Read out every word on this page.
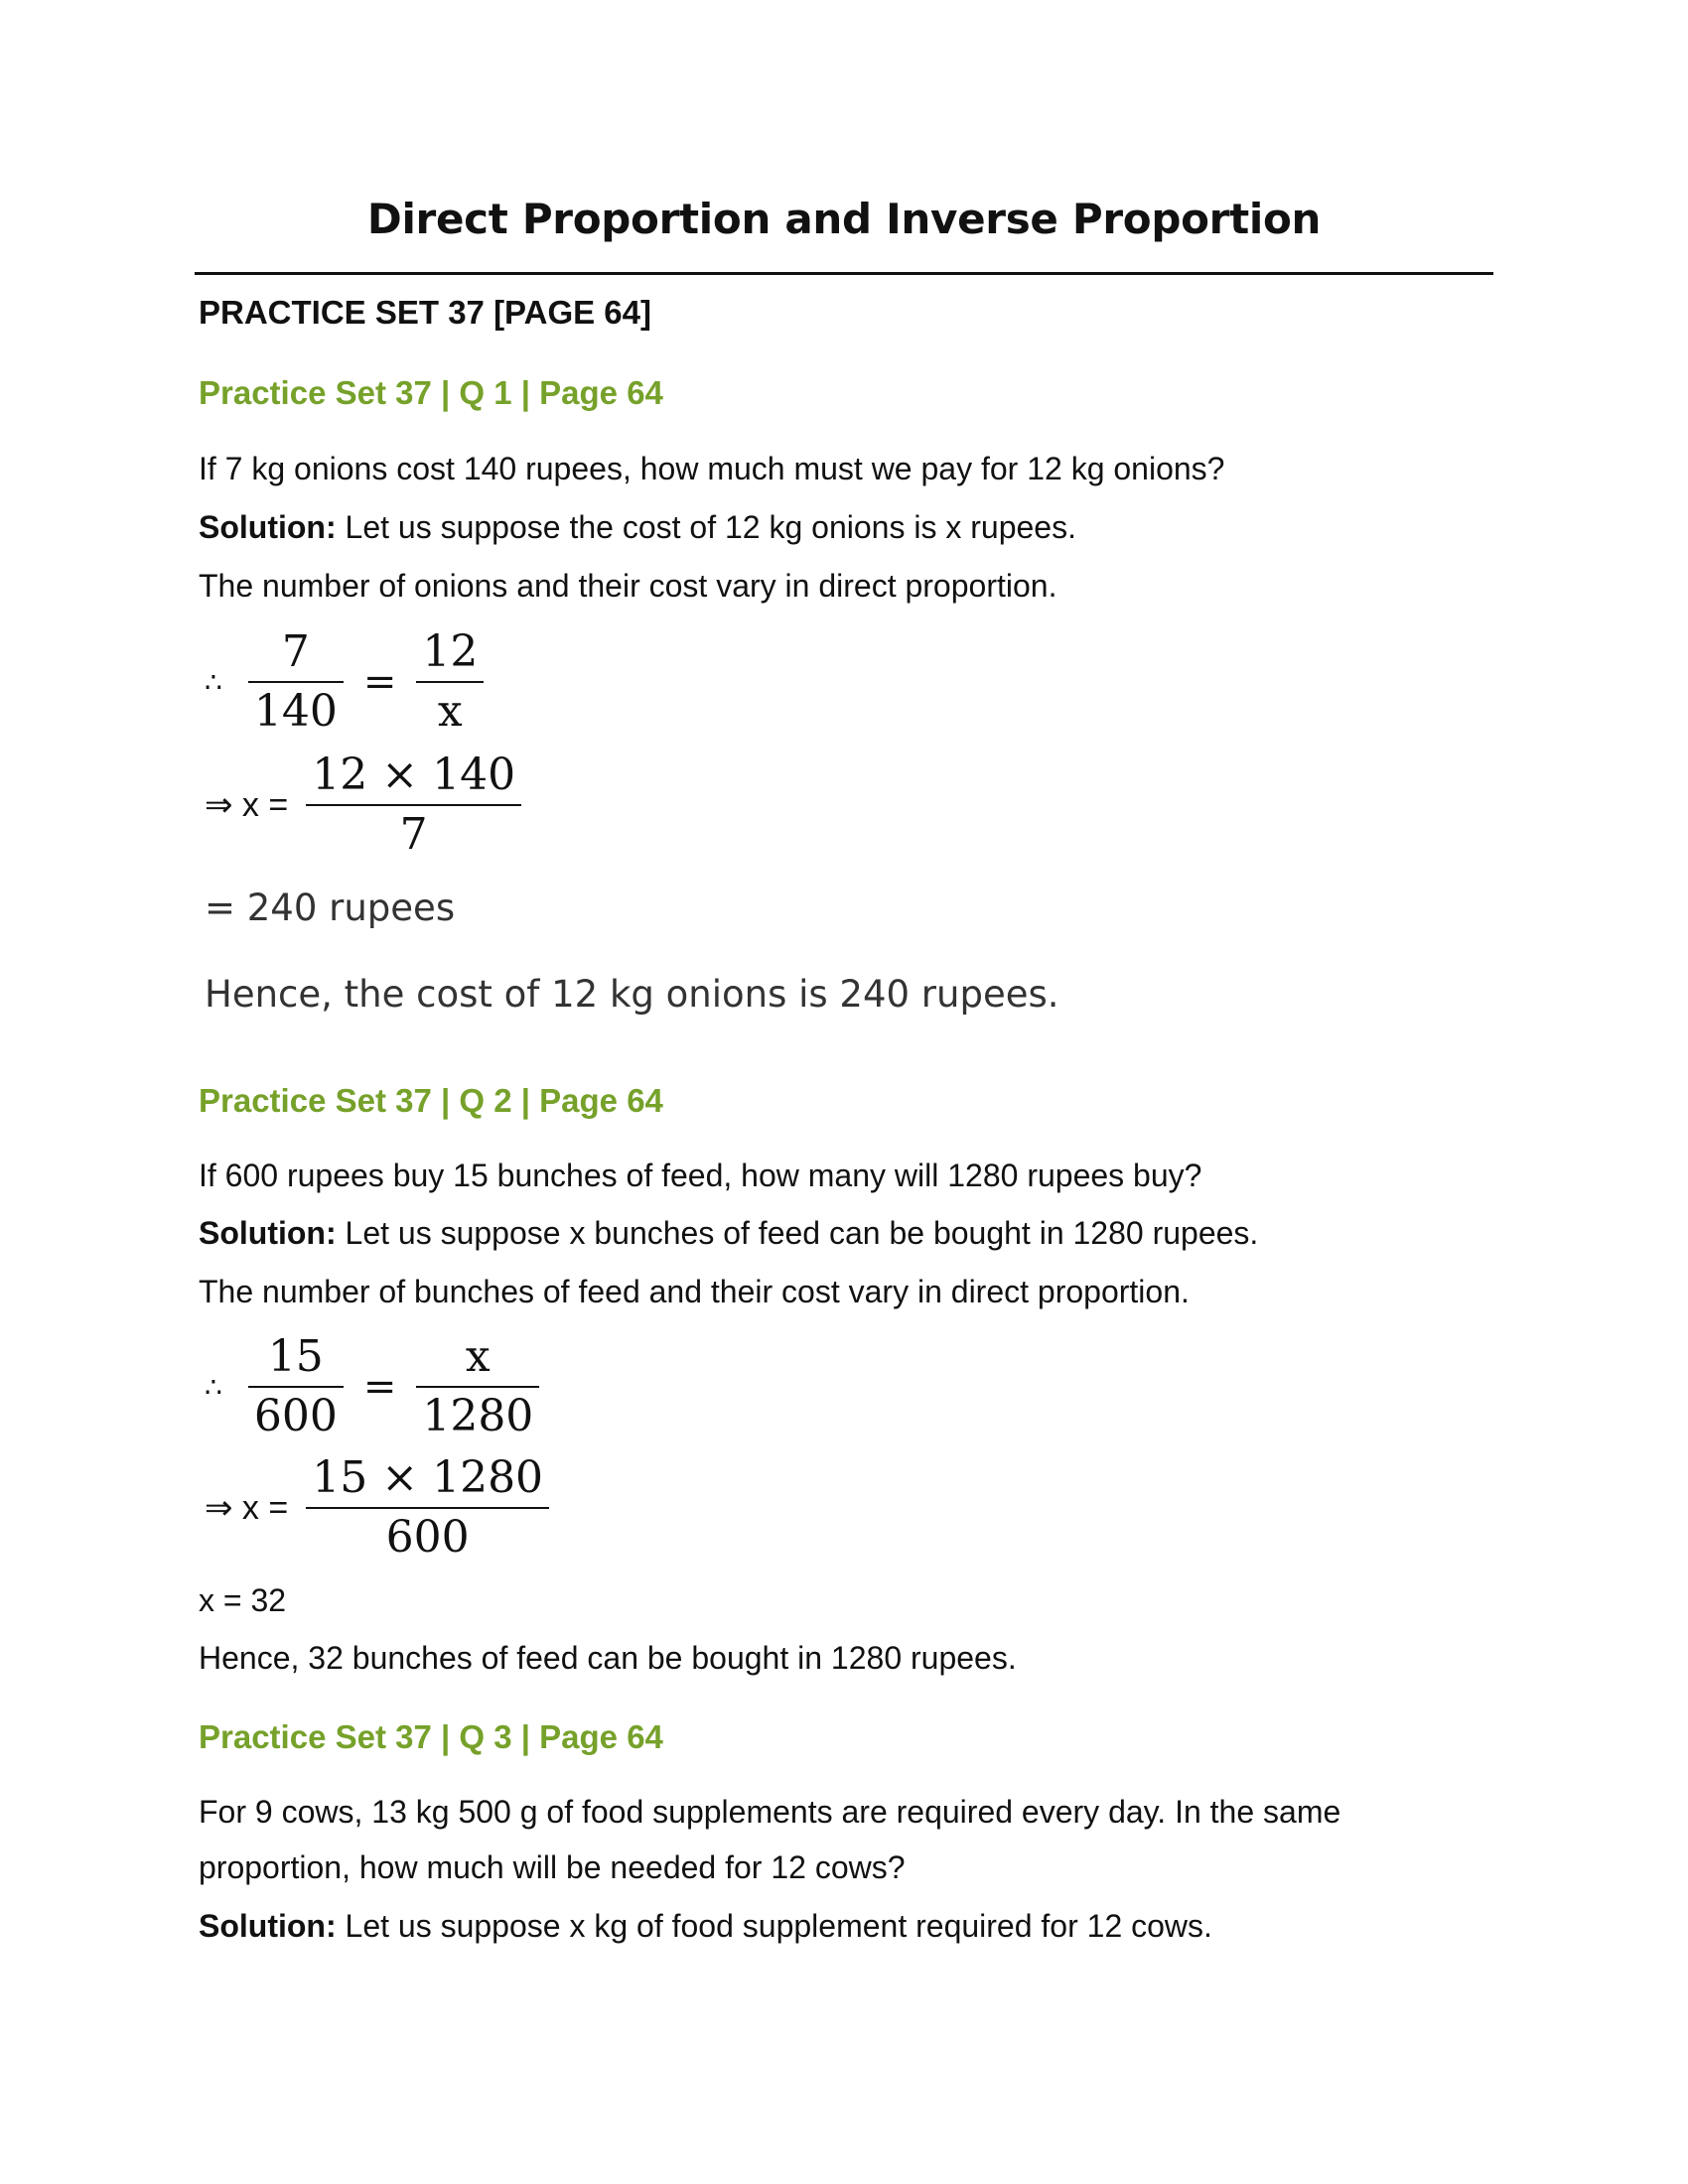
Direct Proportion and Inverse Proportion
PRACTICE SET 37 [PAGE 64]
Practice Set 37 | Q 1 | Page 64
If 7 kg onions cost 140 rupees, how much must we pay for 12 kg onions?
Solution: Let us suppose the cost of 12 kg onions is x rupees.
The number of onions and their cost vary in direct proportion.
∴ $\frac{7}{140} = \frac{12}{x}$
⇒ $x = \frac{12 \times 140}{7}$
= 240 rupees
Hence, the cost of 12 kg onions is 240 rupees.
Practice Set 37 | Q 2 | Page 64
If 600 rupees buy 15 bunches of feed, how many will 1280 rupees buy?
Solution: Let us suppose x bunches of feed can be bought in 1280 rupees.
The number of bunches of feed and their cost vary in direct proportion.
∴ $\frac{15}{600} = \frac{x}{1280}$
⇒ $x = \frac{15 \times 1280}{600}$
x = 32
Hence, 32 bunches of feed can be bought in 1280 rupees.
Practice Set 37 | Q 3 | Page 64
For 9 cows, 13 kg 500 g of food supplements are required every day. In the same
proportion, how much will be needed for 12 cows?
Solution: Let us suppose x kg of food supplement required for 12 cows.
